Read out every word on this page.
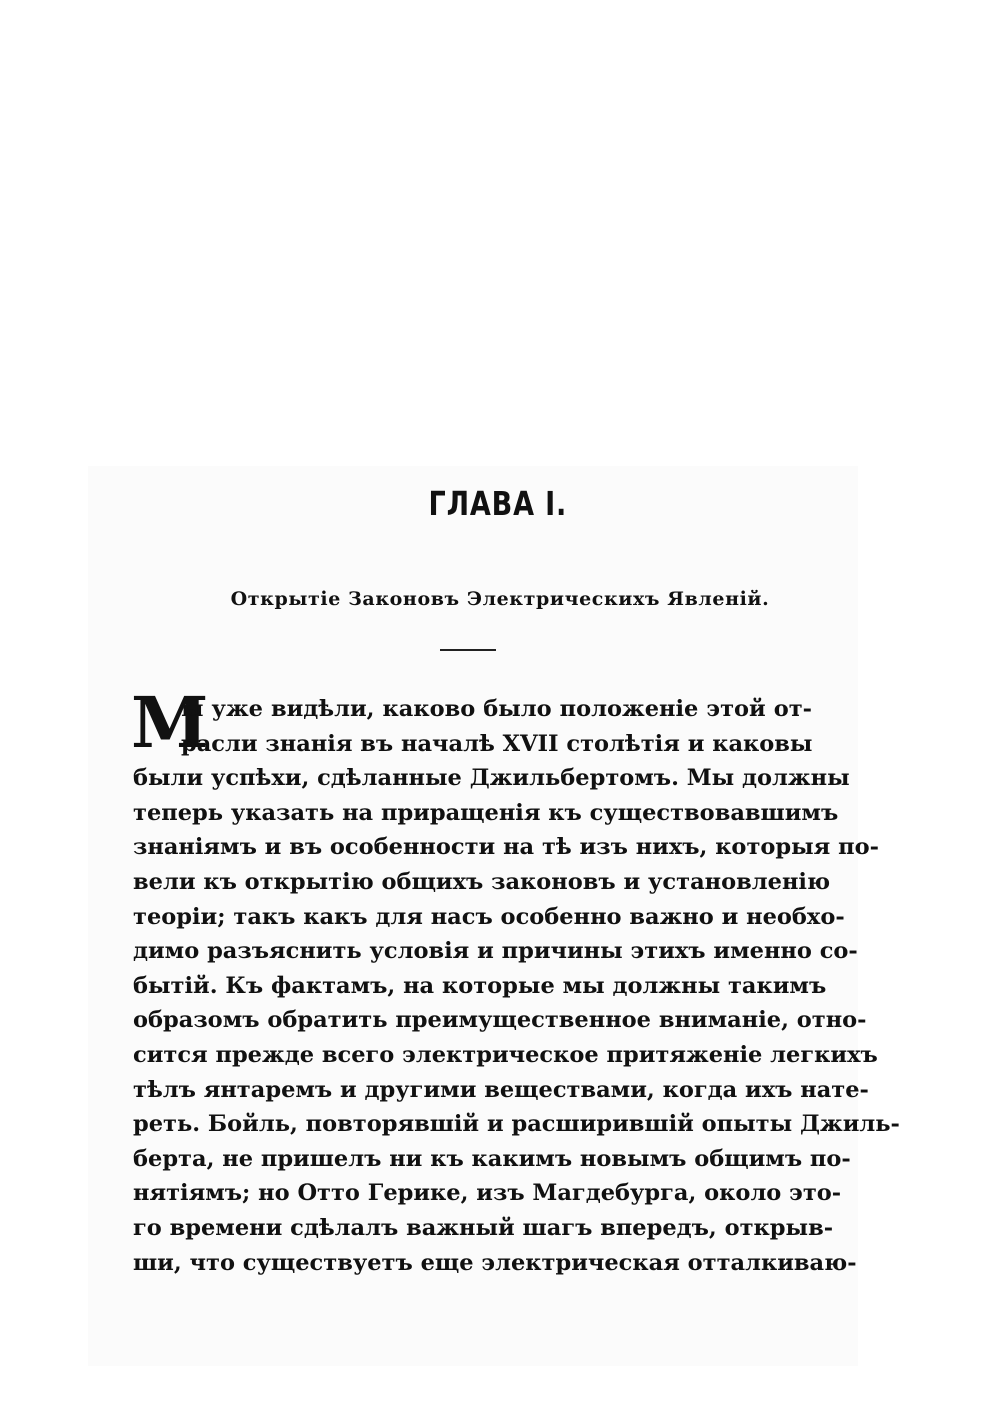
ГЛАВА I.
Открытіе Законовъ Электрическихъ Явленій.
М
ы уже видѣли, каково было положеніе этой от-
расли знанія въ началѣ XVII столѣтія и каковы
были успѣхи, сдѣланные Джильбертомъ. Мы должны
теперь указать на приращенія къ существовавшимъ
знаніямъ и въ особенности на тѣ изъ нихъ, которыя по-
вели къ открытію общихъ законовъ и установленію
теоріи; такъ какъ для насъ особенно важно и необхо-
димо разъяснить условія и причины этихъ именно со-
бытій. Къ фактамъ, на которые мы должны такимъ
образомъ обратить преимущественное вниманіе, отно-
сится прежде всего электрическое притяженіе легкихъ
тѣлъ янтаремъ и другими веществами, когда ихъ нате-
реть. Бойль, повторявшій и расширившій опыты Джиль-
берта, не пришелъ ни къ какимъ новымъ общимъ по-
нятіямъ; но Отто Герике, изъ Магдебурга, около это-
го времени сдѣлалъ важный шагъ впередъ, открыв-
ши, что существуетъ еще электрическая отталкиваю-
